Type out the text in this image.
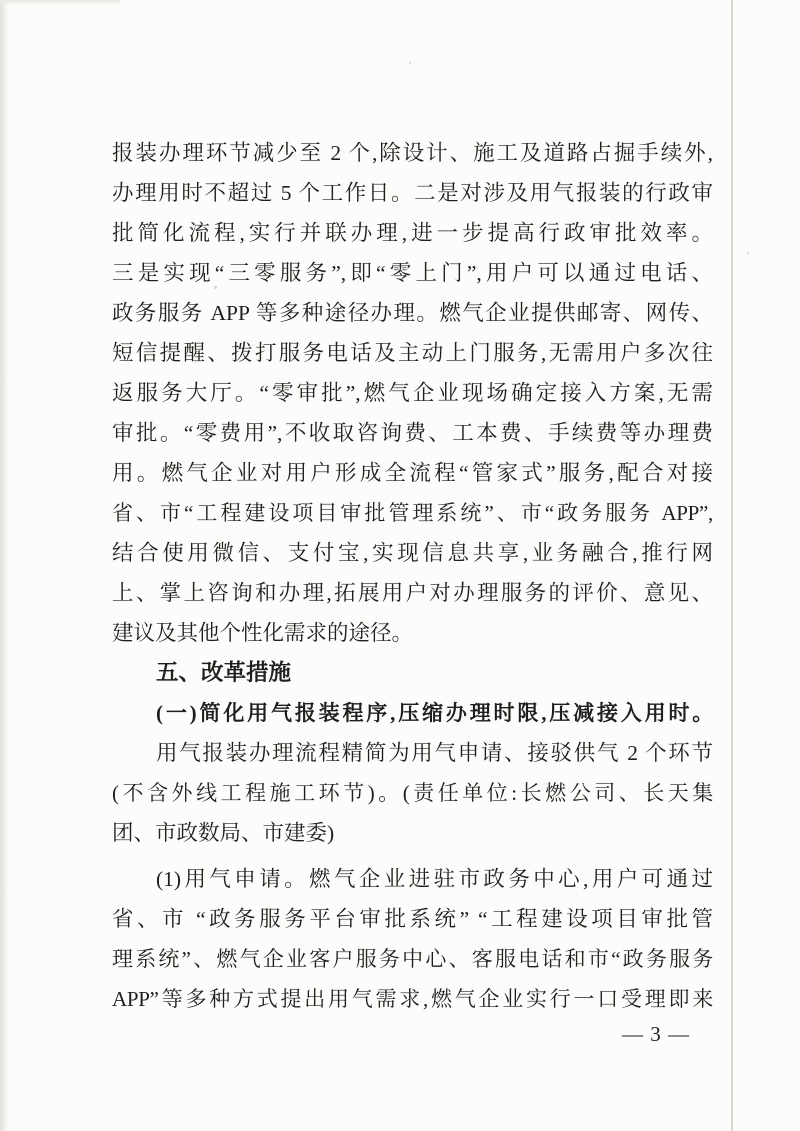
报装办理环节减少至 2 个,除设计、施工及道路占掘手续外,
办理用时不超过 5 个工作日。二是对涉及用气报装的行政审
批简化流程,实行并联办理,进一步提高行政审批效率。
三是实现“三零服务”,即“零上门”,用户可以通过电话、
政务服务 APP 等多种途径办理。燃气企业提供邮寄、网传、
短信提醒、拨打服务电话及主动上门服务,无需用户多次往
返服务大厅。“零审批”,燃气企业现场确定接入方案,无需
审批。“零费用”,不收取咨询费、工本费、手续费等办理费
用。燃气企业对用户形成全流程“管家式”服务,配合对接
省、市“工程建设项目审批管理系统”、市“政务服务 APP”,
结合使用微信、支付宝,实现信息共享,业务融合,推行网
上、掌上咨询和办理,拓展用户对办理服务的评价、意见、
建议及其他个性化需求的途径。
五、改革措施
(一)简化用气报装程序,压缩办理时限,压减接入用时。
用气报装办理流程精简为用气申请、接驳供气 2 个环节
(不含外线工程施工环节)。(责任单位:长燃公司、长天集
团、市政数局、市建委)
(1)用气申请。燃气企业进驻市政务中心,用户可通过
省、市 “政务服务平台审批系统” “工程建设项目审批管
理系统”、燃气企业客户服务中心、客服电话和市“政务服务
APP”等多种方式提出用气需求,燃气企业实行一口受理即来
— 3 —
